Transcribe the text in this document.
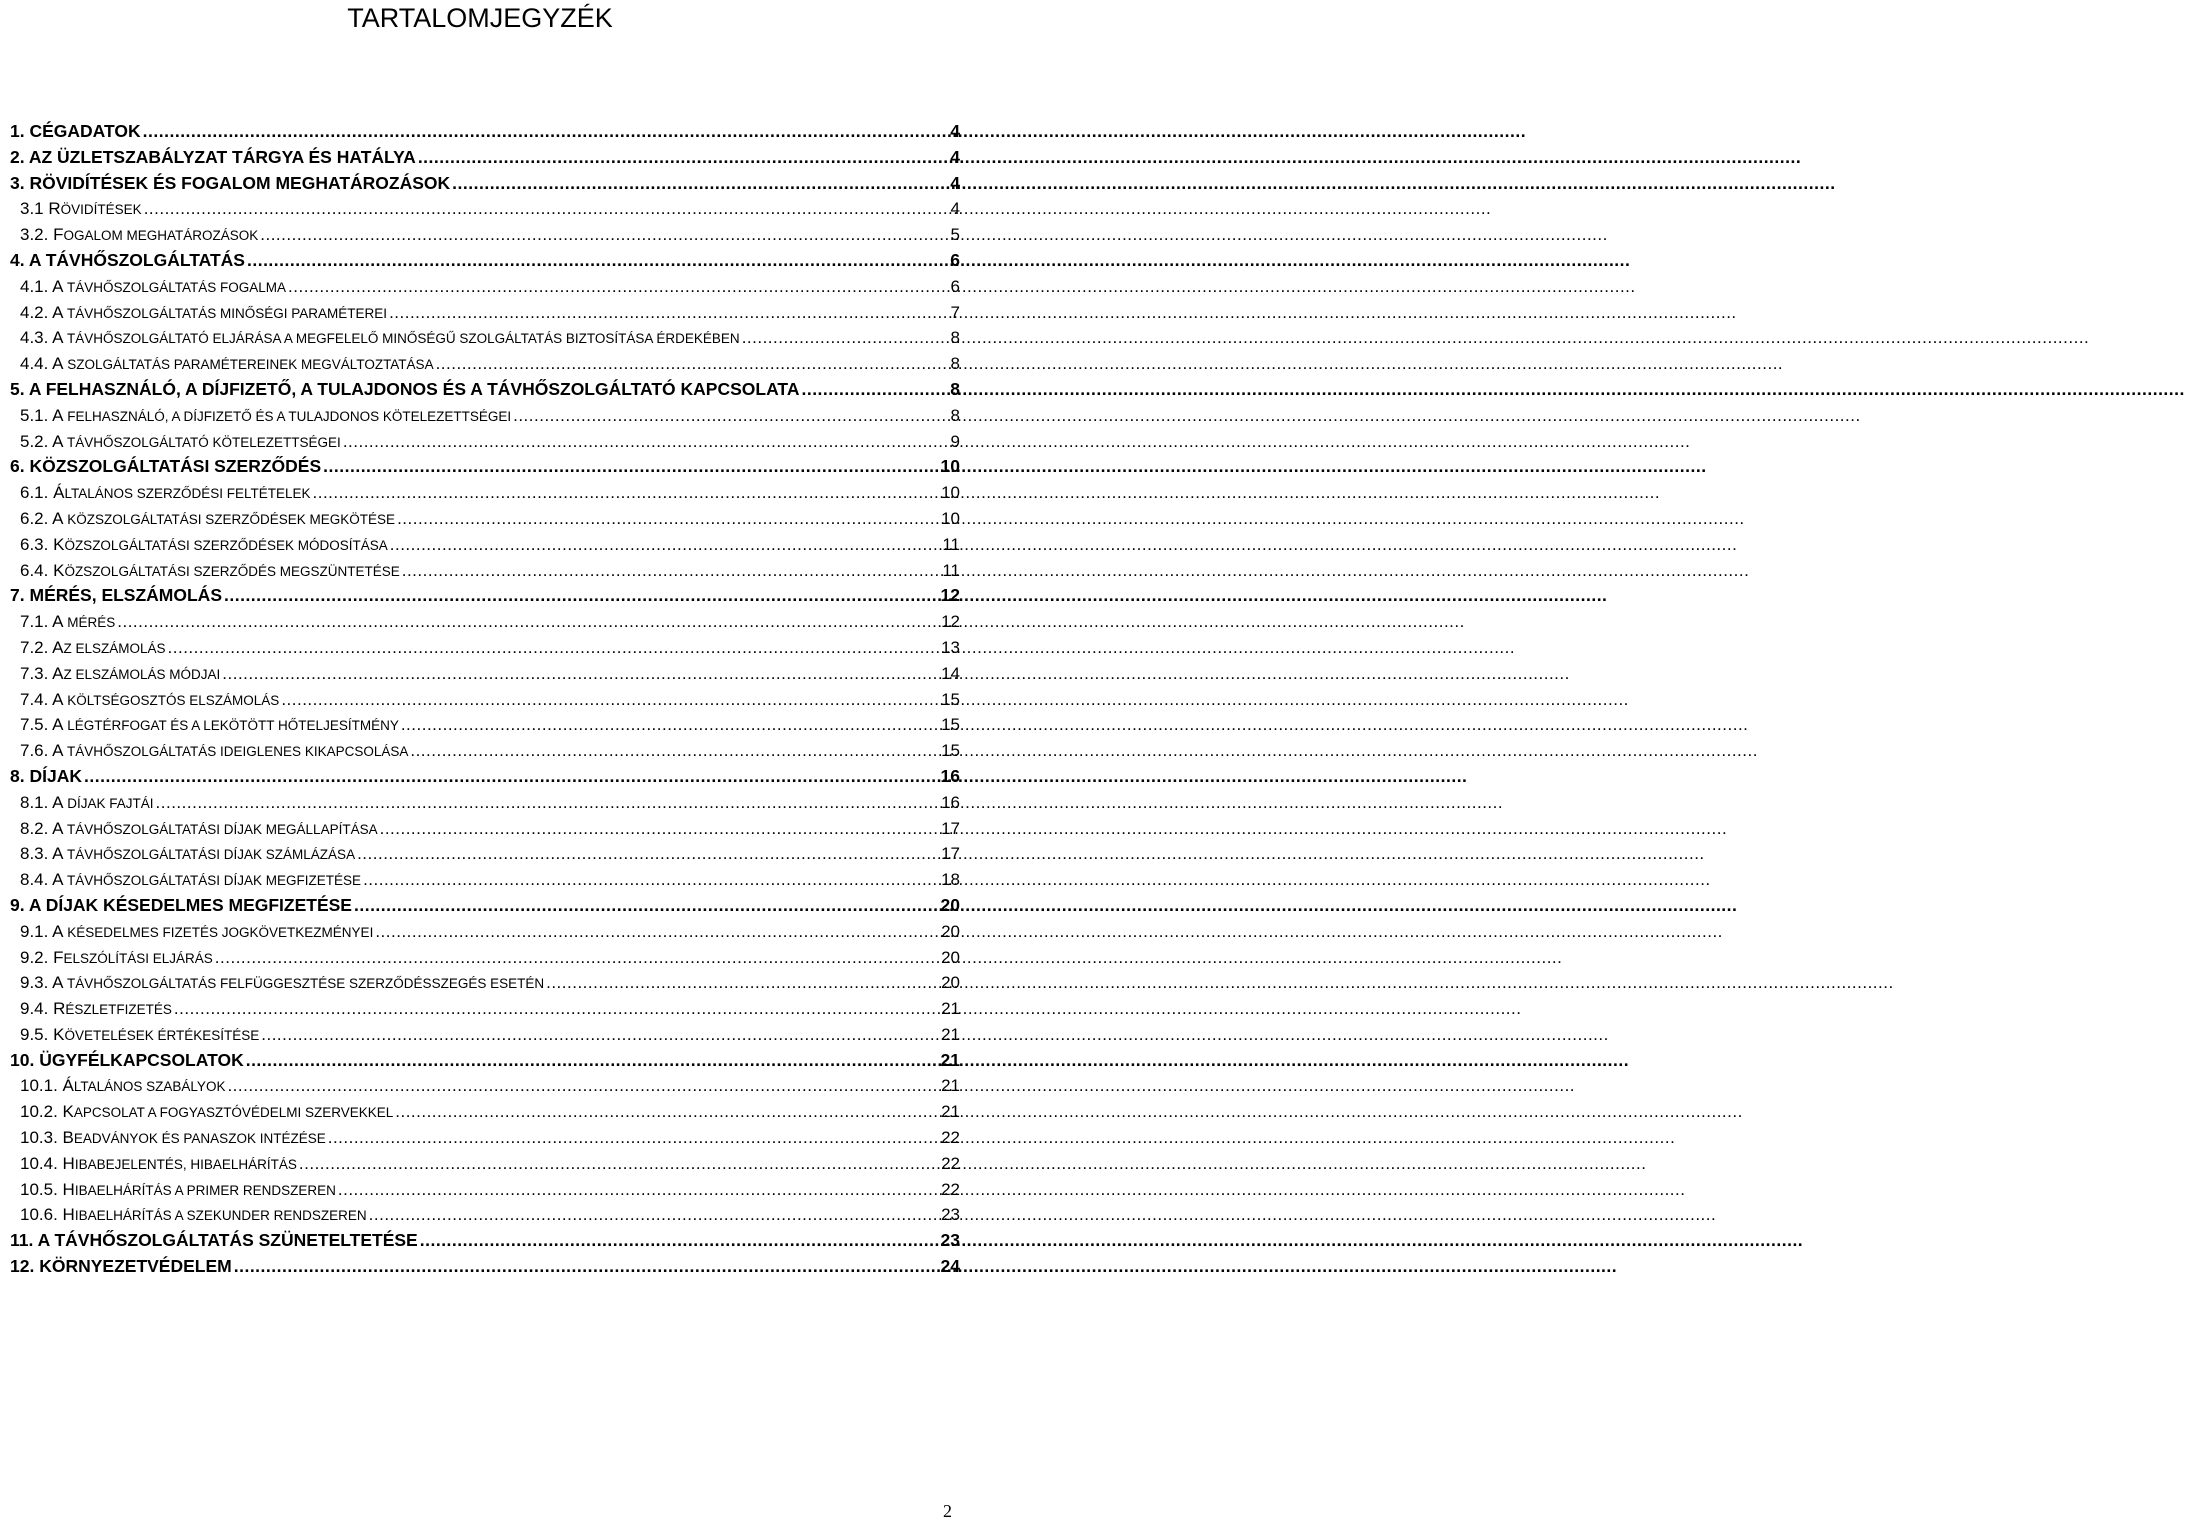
TARTALOMJEGYZÉK
1. CÉGADATOK .....	4
2. AZ ÜZLETSZABÁLYZAT TÁRGYA ÉS HATÁLYA .....	4
3. RÖVIDÍTÉSEK ÉS FOGALOM MEGHATÁROZÁSOK .....	4
3.1 RÖVIDÍTÉSEK .....	4
3.2. FOGALOM MEGHATÁROZÁSOK .....	5
4. A TÁVHŐSZOLGÁLTATÁS .....	6
4.1. A TÁVHŐSZOLGÁLTATÁS FOGALMA .....	6
4.2. A TÁVHŐSZOLGÁLTATÁS MINŐSÉGI PARAMÉTEREI .....	7
4.3. A TÁVHŐSZOLGÁLTATÓ ELJÁRÁSA A MEGFELELŐ MINŐSÉGŰ SZOLGÁLTATÁS BIZTOSÍTÁSA ÉRDEKÉBEN .....	8
4.4. A SZOLGÁLTATÁS PARAMÉTEREINEK MEGVÁLTOZTATÁSA .....	8
5. A FELHASZNÁLÓ, A DÍJFIZETŐ, A TULAJDONOS ÉS A TÁVHŐSZOLGÁLTATÓ KAPCSOLATA .....	8
5.1. A FELHASZNÁLÓ, A DÍJFIZETŐ ÉS A TULAJDONOS KÖTELEZETTSÉGEI .....	8
5.2. A TÁVHŐSZOLGÁLTATÓ KÖTELEZETTSÉGEI .....	9
6. KÖZSZOLGÁLTATÁSI SZERZŐDÉS .....	10
6.1. ÁLTALÁNOS SZERZŐDÉSI FELTÉTELEK .....	10
6.2. A KÖZSZOLGÁLTATÁSI SZERZŐDÉSEK MEGKÖTÉSE .....	10
6.3. KÖZSZOLGÁLTATÁSI SZERZŐDÉSEK MÓDOSÍTÁSA .....	11
6.4. KÖZSZOLGÁLTATÁSI SZERZŐDÉS MEGSZÜNTETÉSE .....	11
7. MÉRÉS, ELSZÁMOLÁS .....	12
7.1. A MÉRÉS .....	12
7.2. AZ ELSZÁMOLÁS .....	13
7.3. AZ ELSZÁMOLÁS MÓDJAI .....	14
7.4. A KÖLTSÉGOSZTÓS ELSZÁMOLÁS .....	15
7.5. A LÉGTÉRFOGAT ÉS A LEKÖTÖTT HŐTELJESÍTMÉNY .....	15
7.6. A TÁVHŐSZOLGÁLTATÁS IDEIGLENES KIKAPCSOLÁSA .....	15
8. DÍJAK .....	16
8.1. A DÍJAK FAJTÁI .....	16
8.2. A TÁVHŐSZOLGÁLTATÁSI DÍJAK MEGÁLLAPÍTÁSA .....	17
8.3. A TÁVHŐSZOLGÁLTATÁSI DÍJAK SZÁMLÁZÁSA .....	17
8.4. A TÁVHŐSZOLGÁLTATÁSI DÍJAK MEGFIZETÉSE .....	18
9. A DÍJAK KÉSEDELMES MEGFIZETÉSE .....	20
9.1. A KÉSEDELMES FIZETÉS JOGKÖVETKEZMÉNYEI .....	20
9.2. FELSZÓLÍTÁSI ELJÁRÁS .....	20
9.3. A TÁVHŐSZOLGÁLTATÁS FELFÜGGESZTÉSE SZERZŐDÉSSZEGÉS ESETÉN .....	20
9.4. RÉSZLETFIZETÉS .....	21
9.5. KÖVETELÉSEK ÉRTÉKESÍTÉSE .....	21
10. ÜGYFÉLKAPCSOLATOK .....	21
10.1. ÁLTALÁNOS SZABÁLYOK .....	21
10.2. KAPCSOLAT A FOGYASZTÓVÉDELMI SZERVEKKEL .....	21
10.3. BEADVÁNYOK ÉS PANASZOK INTÉZÉSE .....	22
10.4. HIBABEJELENTÉS, HIBAELHÁRÍTÁS .....	22
10.5. HIBAELHÁRÍTÁS A PRIMER RENDSZEREN .....	22
10.6. HIBAELHÁRÍTÁS A SZEKUNDER RENDSZEREN .....	23
11. A TÁVHŐSZOLGÁLTATÁS SZÜNETELTETÉSE .....	23
12. KÖRNYEZETVÉDELEM .....	24
2
